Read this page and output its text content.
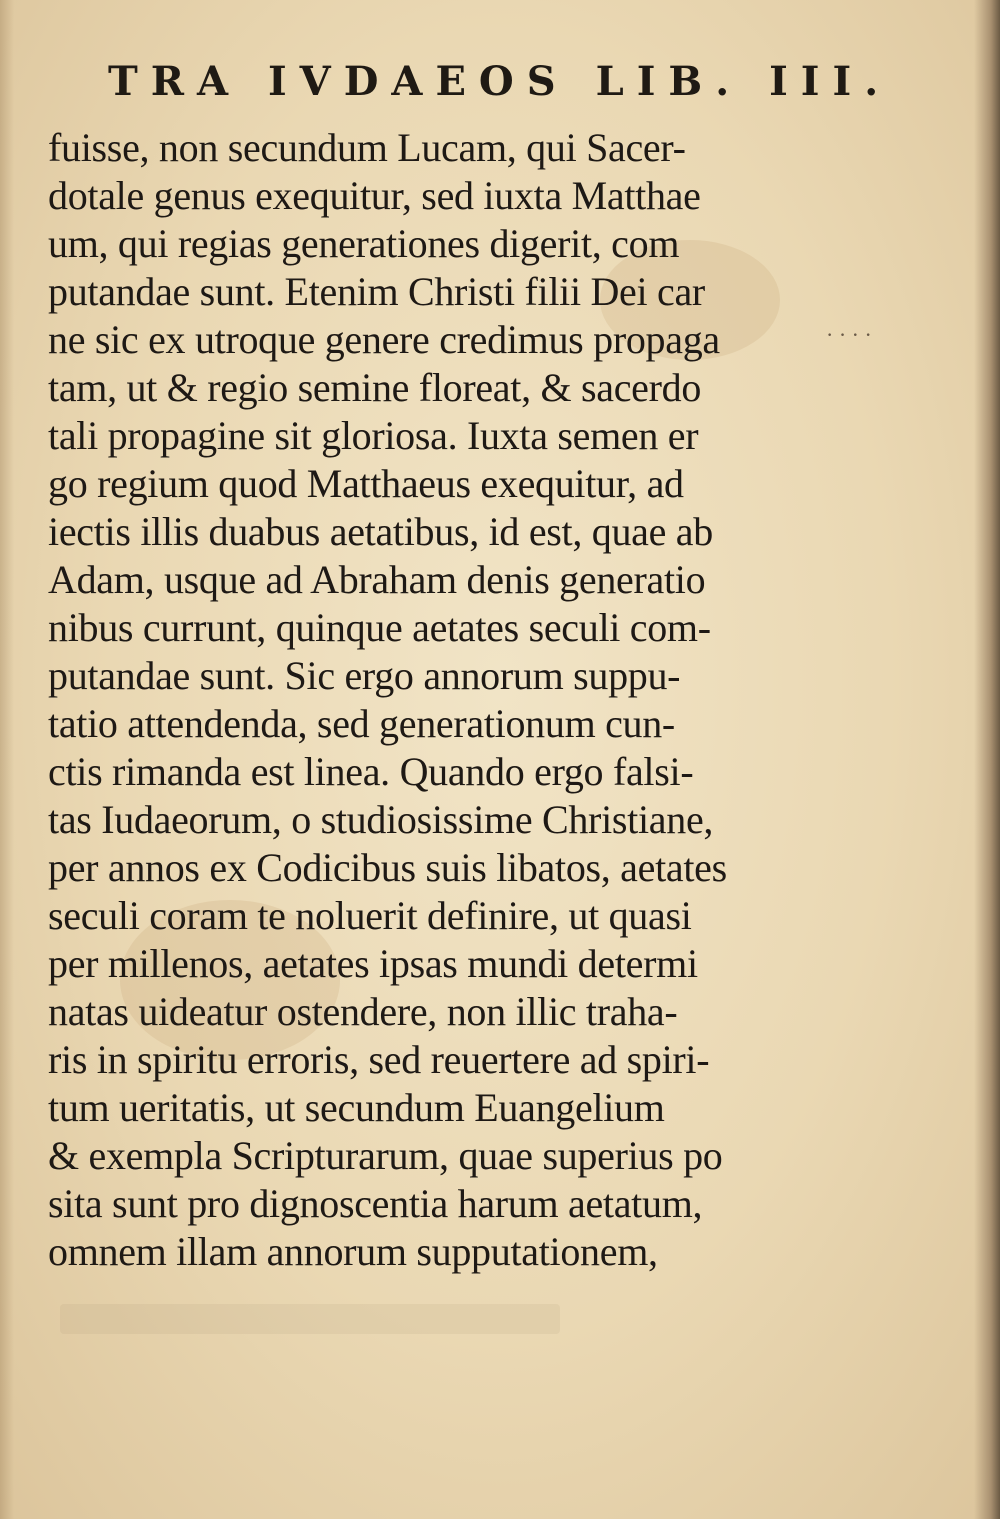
TRA IVDAEOS LIB. III.
· · · ·
fuisse, non secundum Lucam, qui Sacer-
dotale genus exequitur, sed iuxta Matthae
um, qui regias generationes digerit, com
putandae sunt. Etenim Christi filii Dei car
ne sic ex utroque genere credimus propaga
tam, ut & regio semine floreat, & sacerdo
tali propagine sit gloriosa. Iuxta semen er
go regium quod Matthaeus exequitur, ad
iectis illis duabus aetatibus, id est, quae ab
Adam, usque ad Abraham denis generatio
nibus currunt, quinque aetates seculi com-
putandae sunt. Sic ergo annorum suppu-
tatio attendenda, sed generationum cun-
ctis rimanda est linea. Quando ergo falsi-
tas Iudaeorum, o studiosissime Christiane,
per annos ex Codicibus suis libatos, aetates
seculi coram te noluerit definire, ut quasi
per millenos, aetates ipsas mundi determi
natas uideatur ostendere, non illic traha-
ris in spiritu erroris, sed reuertere ad spiri-
tum ueritatis, ut secundum Euangelium
& exempla Scripturarum, quae superius po
sita sunt pro dignoscentia harum aetatum,
omnem illam annorum supputationem,
